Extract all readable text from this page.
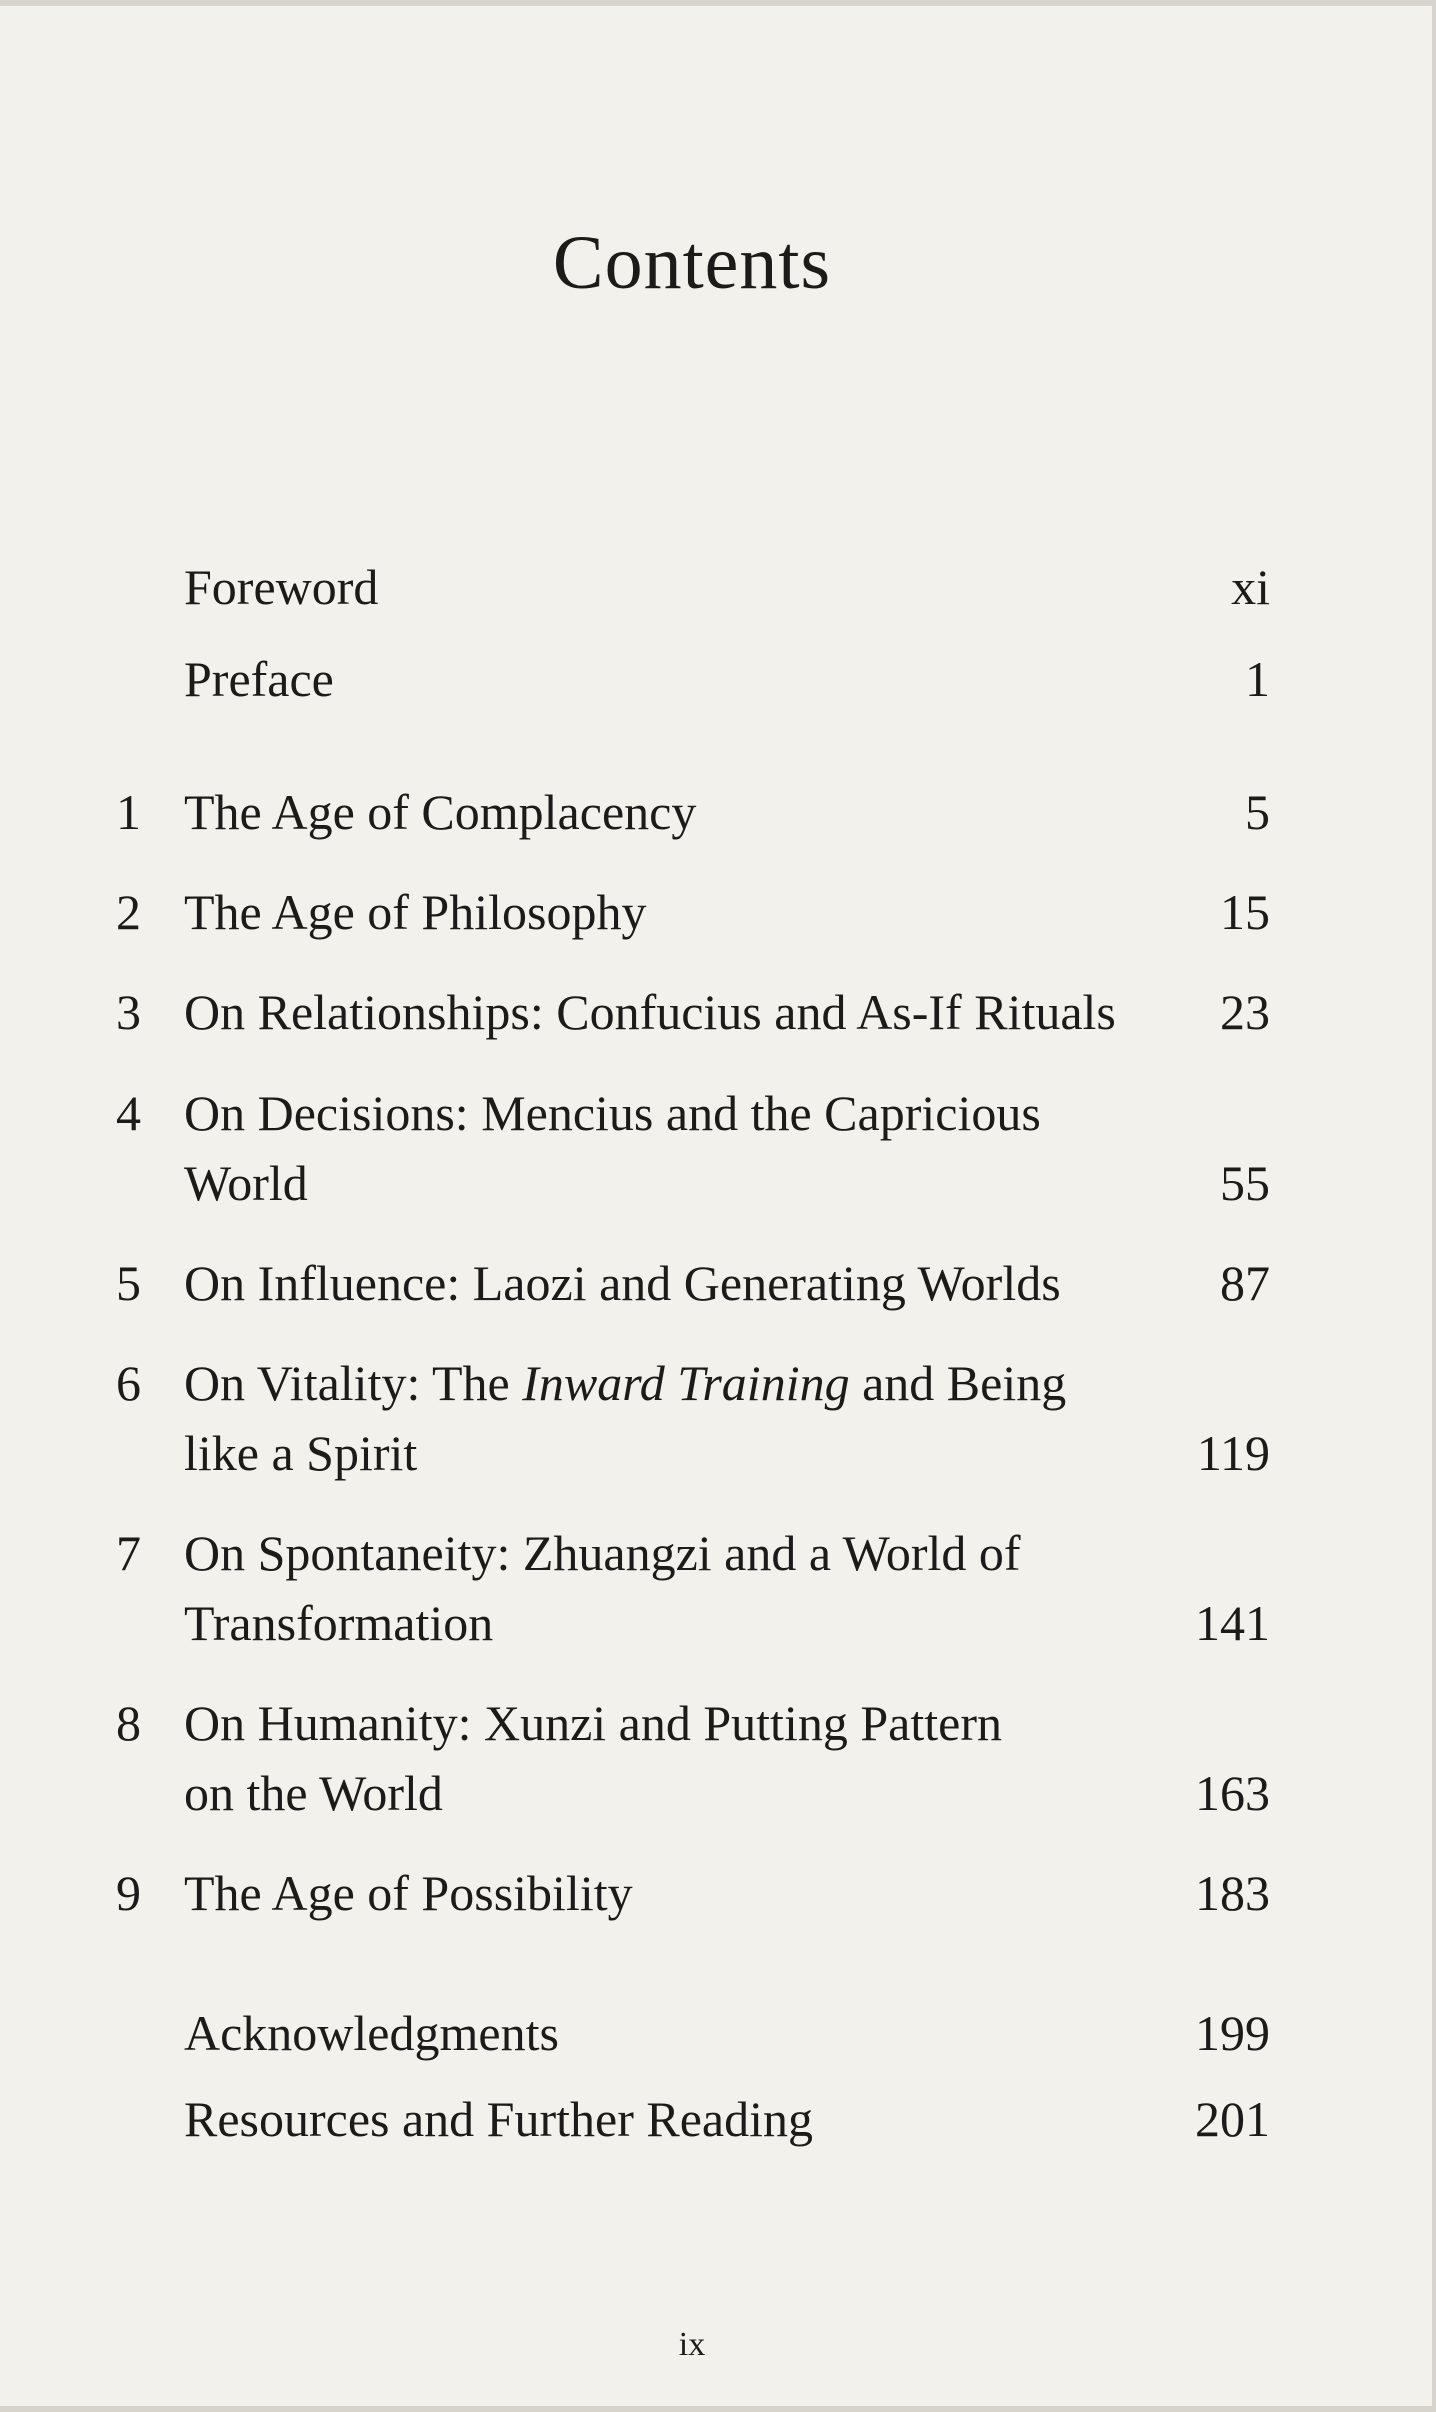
Contents
Foreword	xi
Preface	1
1 The Age of Complacency	5
2 The Age of Philosophy	15
3 On Relationships: Confucius and As-If Rituals	23
4 On Decisions: Mencius and the Capricious
World	55
5 On Influence: Laozi and Generating Worlds	87
6 On Vitality: The Inward Training and Being
like a Spirit	119
7 On Spontaneity: Zhuangzi and a World of
Transformation	141
8 On Humanity: Xunzi and Putting Pattern
on the World	163
9 The Age of Possibility	183
Acknowledgments	199
Resources and Further Reading	201
ix
